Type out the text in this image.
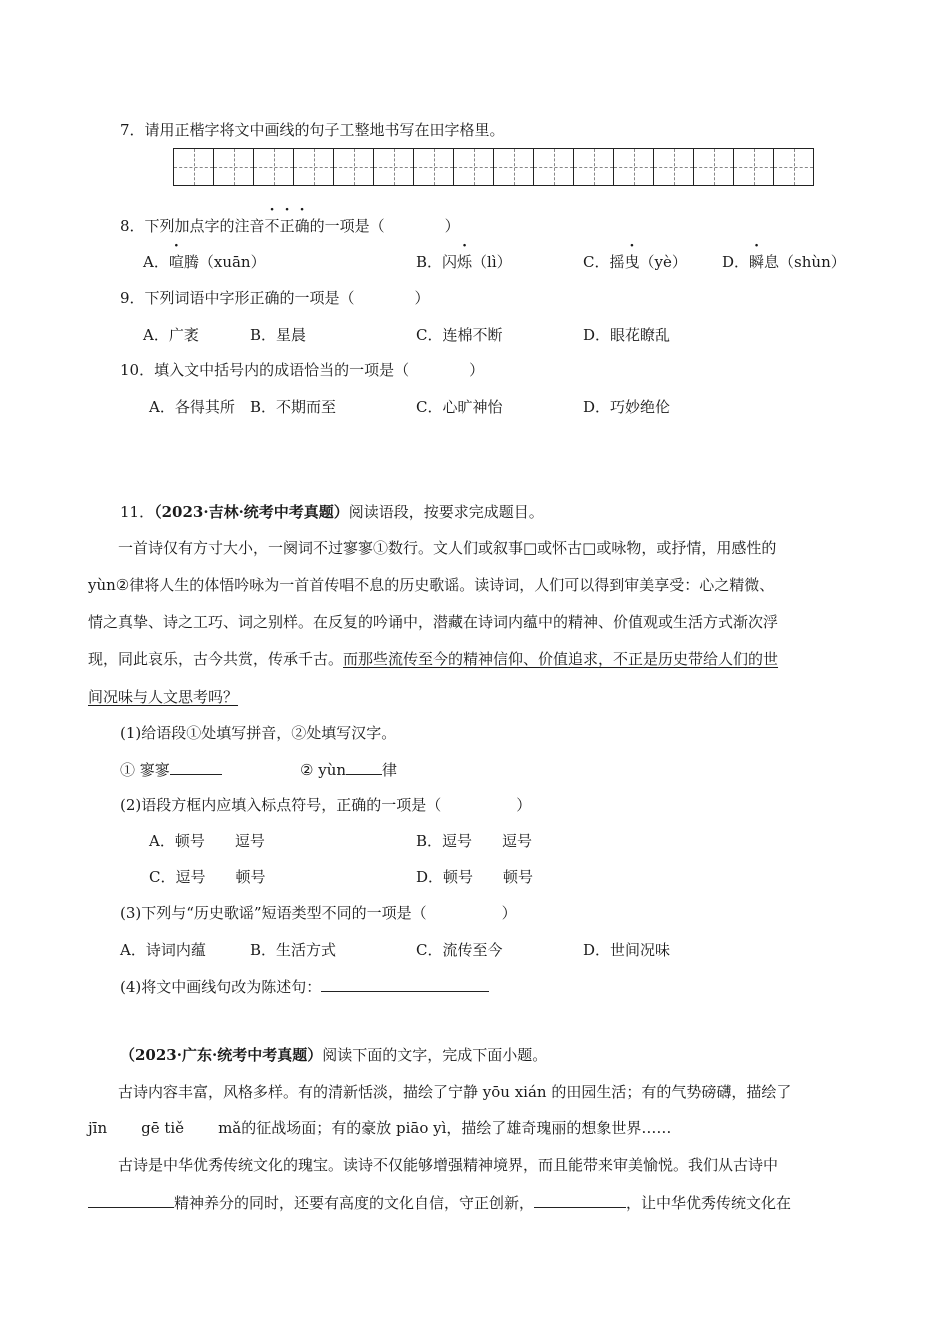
7．请用正楷字将文中画线的句子工整地书写在田字格里。
8．下列加点字的注音不正确的一项是（　　　　）
A．喧腾（xuān）	B．闪烁（lì）	C．摇曳（yè） D．瞬息（shùn）
9．下列词语中字形正确的一项是（　　　　）
A．广袤	B．星晨	C．连棉不断	D．眼花瞭乱
10．填入文中括号内的成语恰当的一项是（　　　　）
A．各得其所 B．不期而至	C．心旷神怡	D．巧妙绝伦
11．（2023·吉林·统考中考真题）阅读语段，按要求完成题目。
一首诗仅有方寸大小，一阕词不过寥寥①数行。文人们或叙事□或怀古□或咏物，或抒情，用感性的
yùn②律将人生的体悟吟咏为一首首传唱不息的历史歌谣。读诗词，人们可以得到审美享受：心之精微、
情之真挚、诗之工巧、词之别样。在反复的吟诵中，潜藏在诗词内蕴中的精神、价值观或生活方式渐次浮
现，同此哀乐，古今共赏，传承千古。而那些流传至今的精神信仰、价值追求，不正是历史带给人们的世
间况味与人文思考吗？
(1)给语段①处填写拼音，②处填写汉字。
① 寥寥	② yùn 律
(2)语段方框内应填入标点符号，正确的一项是（　　　　　）
A．顿号　　逗号	B．逗号　　逗号
C．逗号　　顿号	D．顿号　　顿号
(3)下列与“历史歌谣”短语类型不同的一项是（　　　　　）
A．诗词内蕴	B．生活方式	C．流传至今	D．世间况味
(4)将文中画线句改为陈述句：
（2023·广东·统考中考真题）阅读下面的文字，完成下面小题。
古诗内容丰富，风格多样。有的清新恬淡，描绘了宁静 yōu xián 的田园生活；有的气势磅礴，描绘了
jīn gē tiě mǎ的征战场面；有的豪放 piāo yì，描绘了雄奇瑰丽的想象世界……
古诗是中华优秀传统文化的瑰宝。读诗不仅能够增强精神境界，而且能带来审美愉悦。我们从古诗中
精神养分的同时，还要有高度的文化自信，守正创新，	，让中华优秀传统文化在
